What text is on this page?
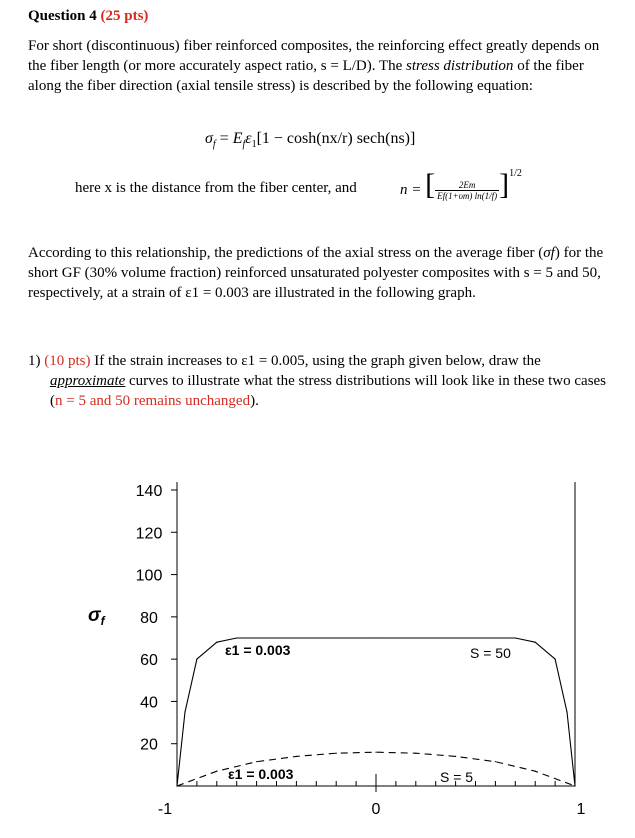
Question 4 (25 pts)
For short (discontinuous) fiber reinforced composites, the reinforcing effect greatly depends on the fiber length (or more accurately aspect ratio, s = L/D). The stress distribution of the fiber along the fiber direction (axial tensile stress) is described by the following equation:
$\sigma_f = E_f\varepsilon_1[1 - \cosh(nx/r)$ sech(ns)]
here x is the distance from the fiber center, and	n = [ $\frac{2Em}{Ef(1+\upsilon m) \ln(1/f)} ]^{1/2}$
According to this relationship, the predictions of the axial stress on the average fiber (σf) for the short GF (30% volume fraction) reinforced unsaturated polyester composites with s = 5 and 50, respectively, at a strain of ε1 = 0.003 are illustrated in the following graph.
1) (10 pts) If the strain increases to ε1 = 0.005, using the graph given below, draw the
approximate curves to illustrate what the stress distributions will look like in these two cases (n = 5 and 50 remains unchanged).
20
40
60
80
100
120
140
-1	0	1
$\sigma_f$
ε1 = 0.003	S = 50
ε1 = 0.003	S = 5
